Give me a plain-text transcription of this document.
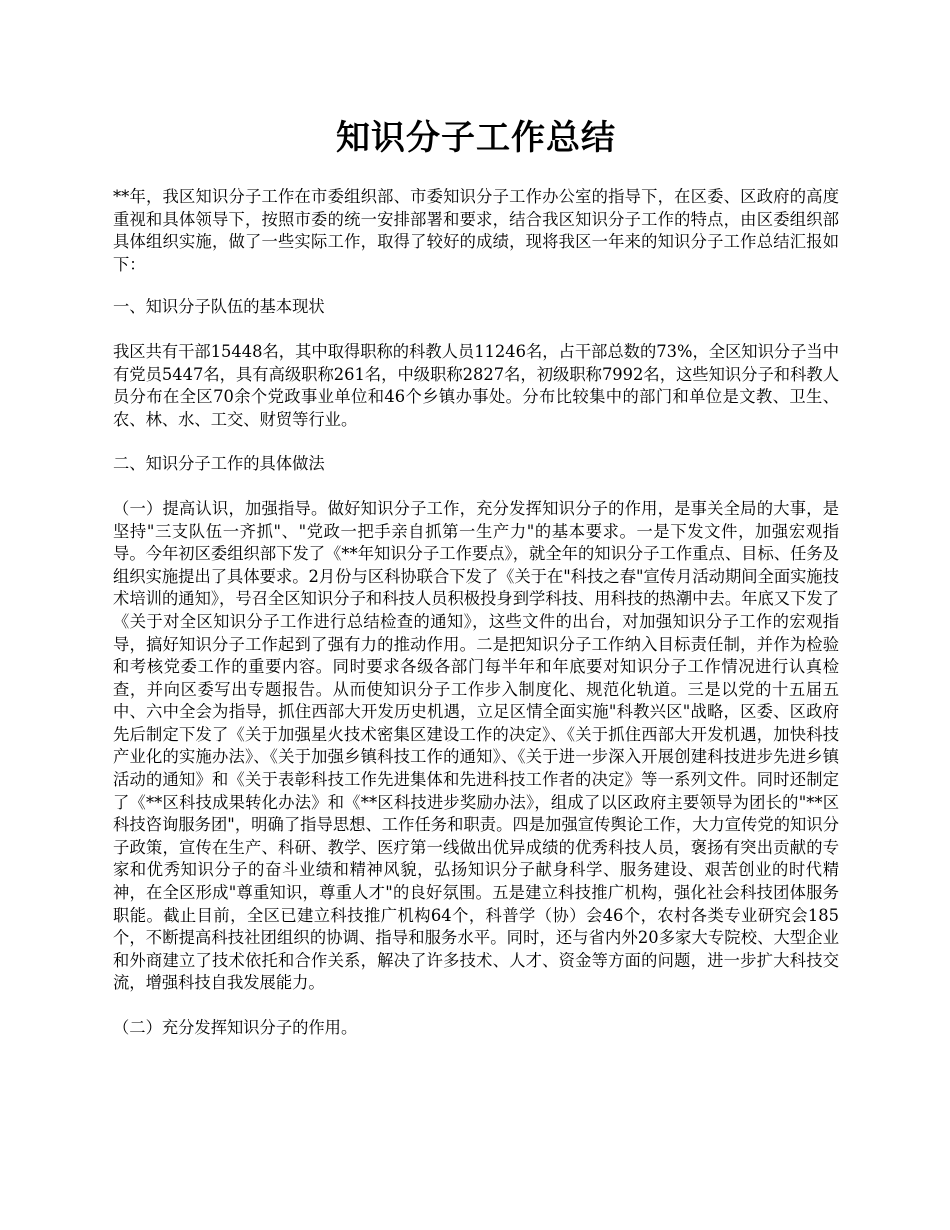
知识分子工作总结

**年，我区知识分子工作在市委组织部、市委知识分子工作办公室的指导下，在区委、区政府的高度重视和具体领导下，按照市委的统一安排部署和要求，结合我区知识分子工作的特点，由区委组织部具体组织实施，做了一些实际工作，取得了较好的成绩，现将我区一年来的知识分子工作总结汇报如下：

一、知识分子队伍的基本现状

我区共有干部15448名，其中取得职称的科教人员11246名，占干部总数的73%，全区知识分子当中有党员5447名，具有高级职称261名，中级职称2827名，初级职称7992名，这些知识分子和科教人员分布在全区70余个党政事业单位和46个乡镇办事处。分布比较集中的部门和单位是文教、卫生、农、林、水、工交、财贸等行业。

二、知识分子工作的具体做法

（一）提高认识，加强指导。做好知识分子工作，充分发挥知识分子的作用，是事关全局的大事，是坚持"三支队伍一齐抓"、"党政一把手亲自抓第一生产力"的基本要求。一是下发文件，加强宏观指导。今年初区委组织部下发了《**年知识分子工作要点》，就全年的知识分子工作重点、目标、任务及组织实施提出了具体要求。2月份与区科协联合下发了《关于在"科技之春"宣传月活动期间全面实施技术培训的通知》，号召全区知识分子和科技人员积极投身到学科技、用科技的热潮中去。年底又下发了《关于对全区知识分子工作进行总结检查的通知》，这些文件的出台，对加强知识分子工作的宏观指导，搞好知识分子工作起到了强有力的推动作用。二是把知识分子工作纳入目标责任制，并作为检验和考核党委工作的重要内容。同时要求各级各部门每半年和年底要对知识分子工作情况进行认真检查，并向区委写出专题报告。从而使知识分子工作步入制度化、规范化轨道。三是以党的十五届五中、六中全会为指导，抓住西部大开发历史机遇，立足区情全面实施"科教兴区"战略，区委、区政府先后制定下发了《关于加强星火技术密集区建设工作的决定》、《关于抓住西部大开发机遇，加快科技产业化的实施办法》、《关于加强乡镇科技工作的通知》、《关于进一步深入开展创建科技进步先进乡镇活动的通知》和《关于表彰科技工作先进集体和先进科技工作者的决定》等一系列文件。同时还制定了《**区科技成果转化办法》和《**区科技进步奖励办法》，组成了以区政府主要领导为团长的"**区科技咨询服务团"，明确了指导思想、工作任务和职责。四是加强宣传舆论工作，大力宣传党的知识分子政策，宣传在生产、科研、教学、医疗第一线做出优异成绩的优秀科技人员，褒扬有突出贡献的专家和优秀知识分子的奋斗业绩和精神风貌，弘扬知识分子献身科学、服务建设、艰苦创业的时代精神，在全区形成"尊重知识，尊重人才"的良好氛围。五是建立科技推广机构，强化社会科技团体服务职能。截止目前，全区已建立科技推广机构64个，科普学（协）会46个，农村各类专业研究会185个，不断提高科技社团组织的协调、指导和服务水平。同时，还与省内外20多家大专院校、大型企业和外商建立了技术依托和合作关系，解决了许多技术、人才、资金等方面的问题，进一步扩大科技交流，增强科技自我发展能力。

（二）充分发挥知识分子的作用。
